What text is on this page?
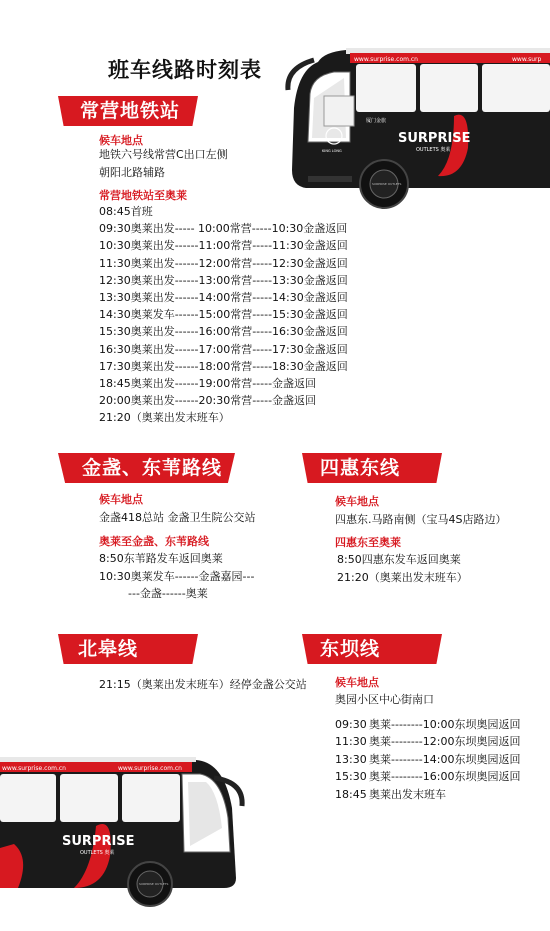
www.surprise.com.cn	www.surp
KING LONG
厦门金旅
SURPRISE
OUTLETS 奥莱
SURPRISE OUTLETS
班车线路时刻表
常营地铁站
候车地点
地铁六号线常营C出口左侧
朝阳北路辅路
常营地铁站至奥莱
08:45首班
09:30奥莱出发----- 10:00常营-----10:30金盏返回
10:30奥莱出发------11:00常营-----11:30金盏返回
11:30奥莱出发------12:00常营-----12:30金盏返回
12:30奥莱出发------13:00常营-----13:30金盏返回
13:30奥莱出发------14:00常营-----14:30金盏返回
14:30奥莱发车------15:00常营-----15:30金盏返回
15:30奥莱出发------16:00常营-----16:30金盏返回
16:30奥莱出发------17:00常营-----17:30金盏返回
17:30奥莱出发------18:00常营-----18:30金盏返回
18:45奥莱出发------19:00常营-----金盏返回
20:00奥莱出发------20:30常营-----金盏返回
21:20（奥莱出发末班车）
金盏、东苇路线
候车地点
金盏418总站 金盏卫生院公交站
奥莱至金盏、东苇路线
8:50东苇路发车返回奥莱
10:30奥莱发车------金盏嘉园---
---金盏------奥莱
四惠东线
候车地点
四惠东.马路南侧（宝马4S店路边）
四惠东至奥莱
8:50四惠东发车返回奥莱
21:20（奥莱出发末班车）
北皋线
21:15（奥莱出发末班车）经停金盏公交站
东坝线
候车地点
奥园小区中心街南口
09:30 奥莱--------10:00东坝奥园返回
11:30 奥莱--------12:00东坝奥园返回
13:30 奥莱--------14:00东坝奥园返回
15:30 奥莱--------16:00东坝奥园返回
18:45 奥莱出发末班车
www.surprise.com.cn	www.surprise.com.cn
SURPRISE
OUTLETS 奥莱
SURPRISE OUTLETS
